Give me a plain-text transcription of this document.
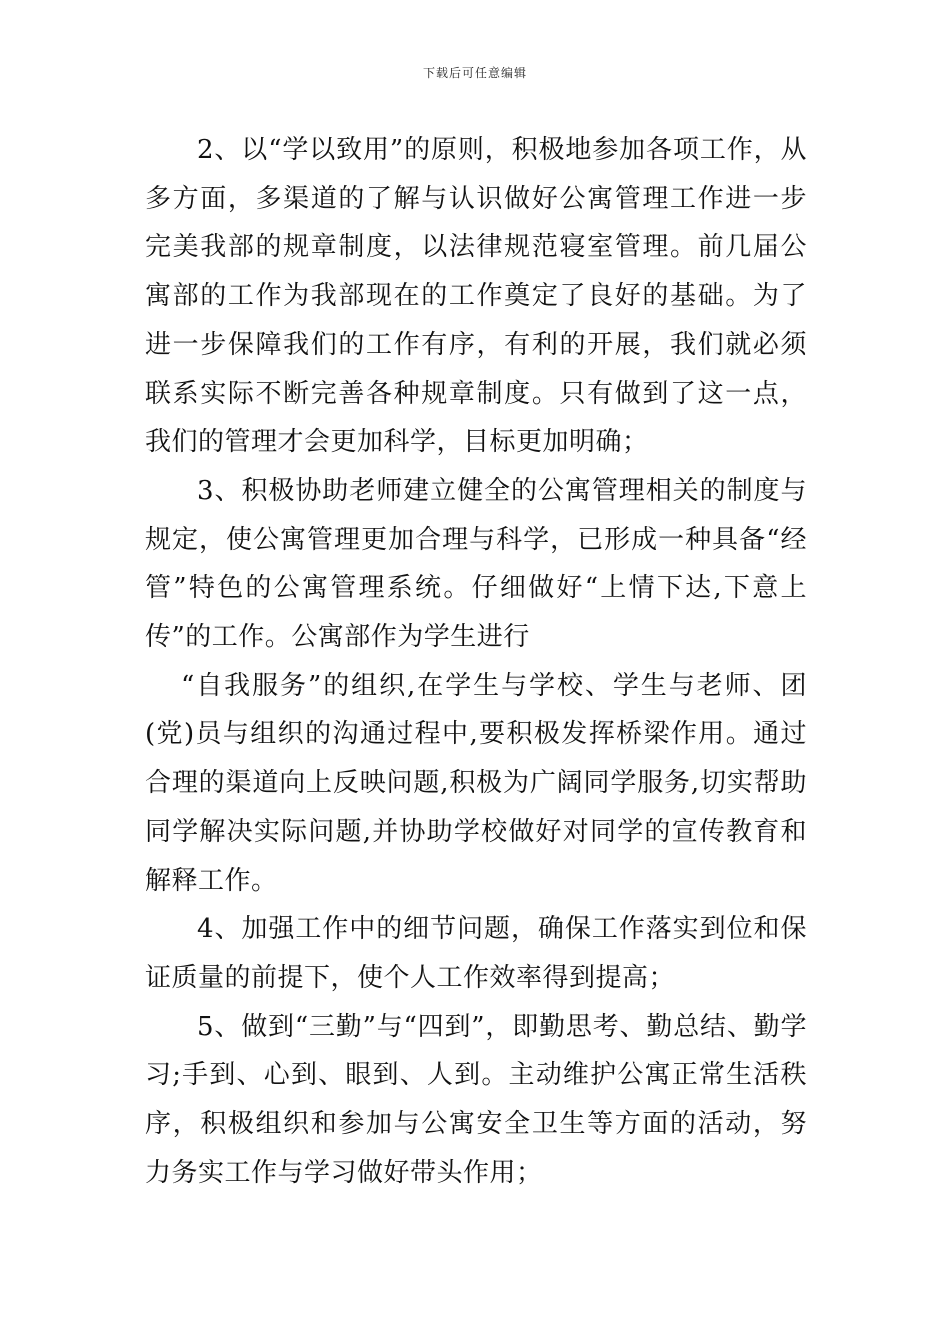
下载后可任意编辑

2、以“学以致用”的原则，积极地参加各项工作，从多方面，多渠道的了解与认识做好公寓管理工作进一步完美我部的规章制度，以法律规范寝室管理。前几届公寓部的工作为我部现在的工作奠定了良好的基础。为了进一步保障我们的工作有序，有利的开展，我们就必须联系实际不断完善各种规章制度。只有做到了这一点，我们的管理才会更加科学，目标更加明确；

3、积极协助老师建立健全的公寓管理相关的制度与规定，使公寓管理更加合理与科学，已形成一种具备“经管”特色的公寓管理系统。仔细做好“上情下达,下意上传”的工作。公寓部作为学生进行

“自我服务”的组织,在学生与学校、学生与老师、团(党)员与组织的沟通过程中,要积极发挥桥梁作用。通过合理的渠道向上反映问题,积极为广阔同学服务,切实帮助同学解决实际问题,并协助学校做好对同学的宣传教育和解释工作。

4、加强工作中的细节问题，确保工作落实到位和保证质量的前提下，使个人工作效率得到提高；

5、做到“三勤”与“四到”，即勤思考、勤总结、勤学习;手到、心到、眼到、人到。主动维护公寓正常生活秩序，积极组织和参加与公寓安全卫生等方面的活动，努力务实工作与学习做好带头作用；
